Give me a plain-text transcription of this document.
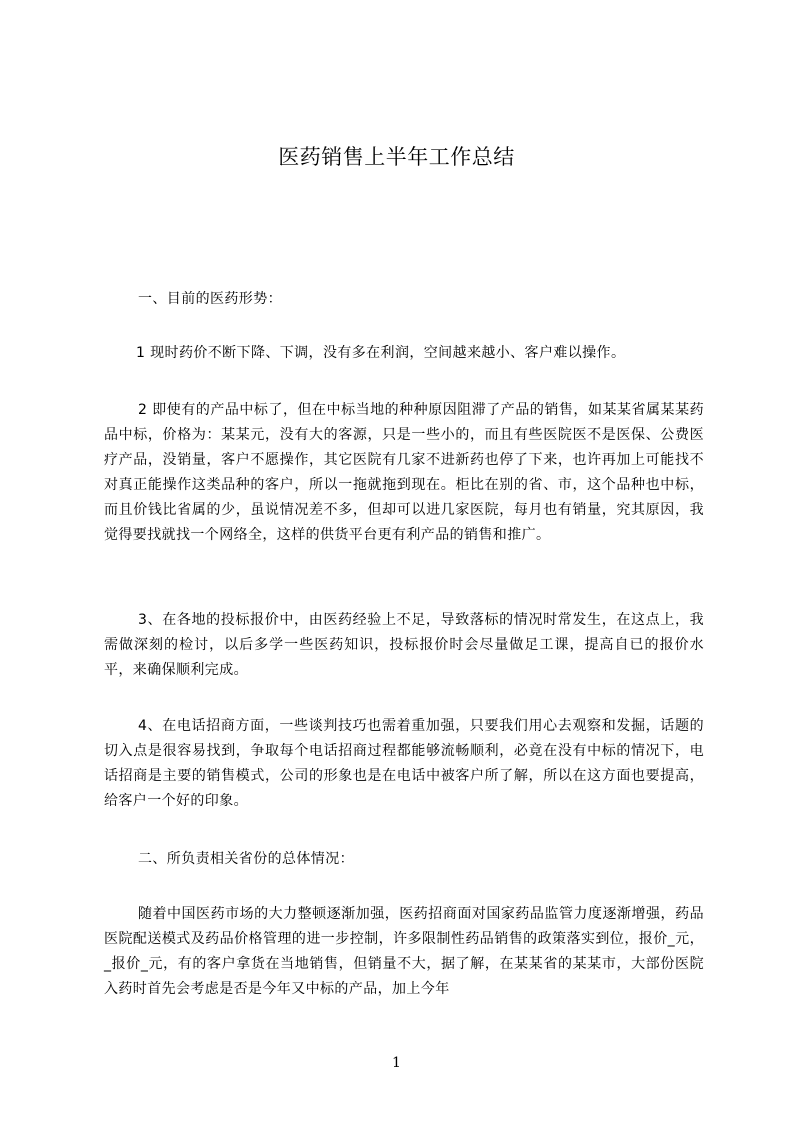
医药销售上半年工作总结
一、目前的医药形势：
1 现时药价不断下降、下调，没有多在利润，空间越来越小、客户难以操作。
2 即使有的产品中标了，但在中标当地的种种原因阻滞了产品的销售，如某某省属某某药品中标，价格为：某某元，没有大的客源，只是一些小的，而且有些医院医不是医保、公费医疗产品，没销量，客户不愿操作，其它医院有几家不进新药也停了下来，也许再加上可能找不对真正能操作这类品种的客户，所以一拖就拖到现在。柜比在别的省、市，这个品种也中标，而且价钱比省属的少，虽说情况差不多，但却可以进几家医院，每月也有销量，究其原因，我觉得要找就找一个网络全，这样的供货平台更有利产品的销售和推广。
3、在各地的投标报价中，由医药经验上不足，导致落标的情况时常发生，在这点上，我需做深刻的检讨，以后多学一些医药知识，投标报价时会尽量做足工课，提高自已的报价水平，来确保顺利完成。
4、在电话招商方面，一些谈判技巧也需着重加强，只要我们用心去观察和发掘，话题的切入点是很容易找到，争取每个电话招商过程都能够流畅顺利，必竟在没有中标的情况下，电话招商是主要的销售模式，公司的形象也是在电话中被客户所了解，所以在这方面也要提高，给客户一个好的印象。
二、所负责相关省份的总体情况：
随着中国医药市场的大力整顿逐渐加强，医药招商面对国家药品监管力度逐渐增强，药品医院配送模式及药品价格管理的进一步控制，许多限制性药品销售的政策落实到位，报价_元，_报价_元，有的客户拿货在当地销售，但销量不大，据了解，在某某省的某某市，大部份医院入药时首先会考虑是否是今年又中标的产品，加上今年
1
